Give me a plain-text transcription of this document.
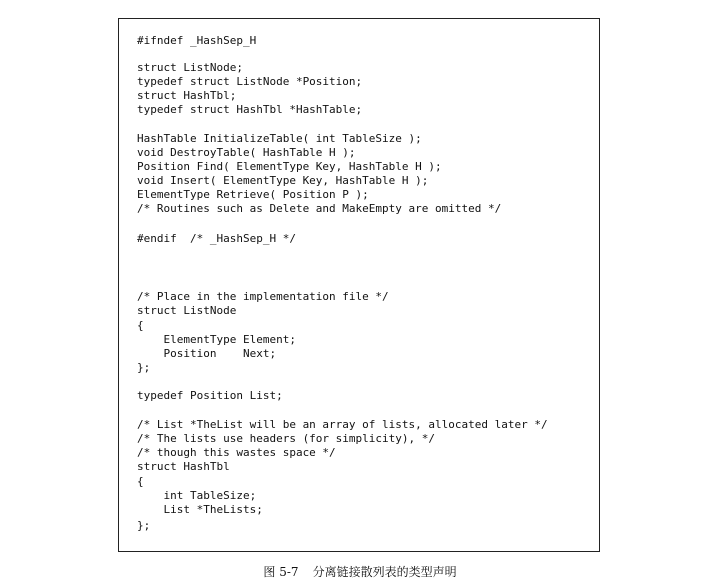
#ifndef _HashSep_H
struct ListNode;
typedef struct ListNode *Position;
struct HashTbl;
typedef struct HashTbl *HashTable;
HashTable InitializeTable( int TableSize );
void DestroyTable( HashTable H );
Position Find( ElementType Key, HashTable H );
void Insert( ElementType Key, HashTable H );
ElementType Retrieve( Position P );
/* Routines such as Delete and MakeEmpty are omitted */
#endif  /* _HashSep_H */
/* Place in the implementation file */
struct ListNode
{
ElementType Element;
Position    Next;
};
typedef Position List;
/* List *TheList will be an array of lists, allocated later */
/* The lists use headers (for simplicity), */
/* though this wastes space */
struct HashTbl
{
int TableSize;
List *TheLists;
};
图 5-7 分离链接散列表的类型声明
